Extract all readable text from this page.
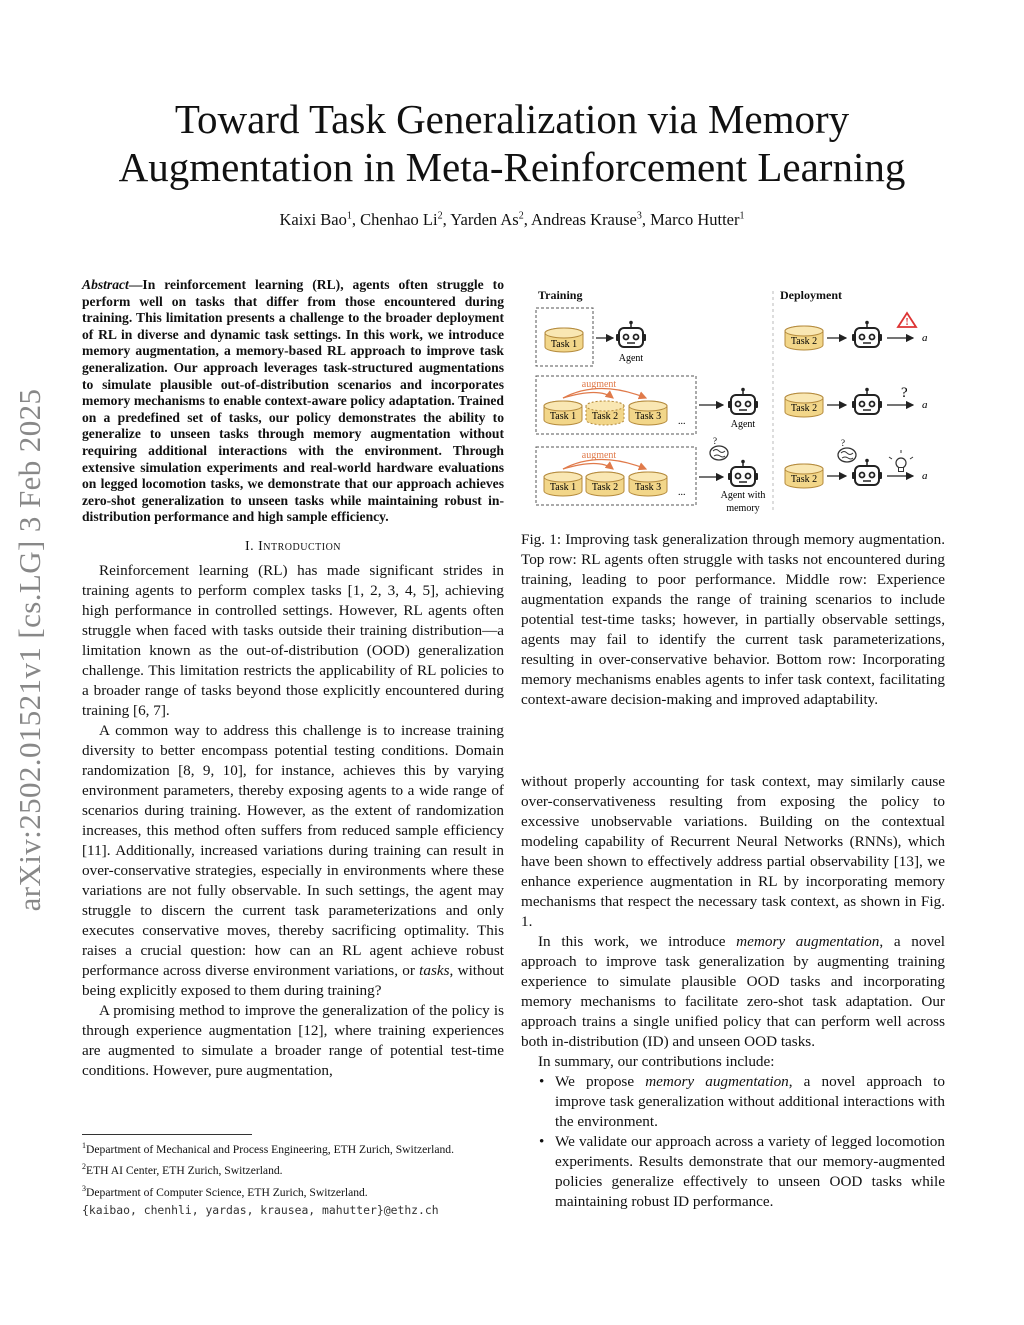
arXiv:2502.01521v1 [cs.LG] 3 Feb 2025
Toward Task Generalization via Memory
Augmentation in Meta-Reinforcement Learning
Kaixi Bao$^1$, Chenhao Li$^2$, Yarden As$^2$, Andreas Krause$^3$, Marco Hutter$^1$

Abstract—In reinforcement learning (RL), agents often struggle to perform well on tasks that differ from those encountered during training. This limitation presents a challenge to the broader deployment of RL in diverse and dynamic task settings. In this work, we introduce memory augmentation, a memory-based RL approach to improve task generalization. Our approach leverages task-structured augmentations to simulate plausible out-of-distribution scenarios and incorporates memory mechanisms to enable context-aware policy adaptation. Trained on a predefined set of tasks, our policy demonstrates the ability to generalize to unseen tasks through memory augmentation without requiring additional interactions with the environment. Through extensive simulation experiments and real-world hardware evaluations on legged locomotion tasks, we demonstrate that our approach achieves zero-shot generalization to unseen tasks while maintaining robust in-distribution performance and high sample efficiency.

I. Introduction

Reinforcement learning (RL) has made significant strides in training agents to perform complex tasks [1, 2, 3, 4, 5], achieving high performance in controlled settings. However, RL agents often struggle when faced with tasks outside their training distribution—a limitation known as the out-of-distribution (OOD) generalization challenge. This limitation restricts the applicability of RL policies to a broader range of tasks beyond those explicitly encountered during training [6, 7].

A common way to address this challenge is to increase training diversity to better encompass potential testing conditions. Domain randomization [8, 9, 10], for instance, achieves this by varying environment parameters, thereby exposing agents to a wide range of scenarios during training. However, as the extent of randomization increases, this method often suffers from reduced sample efficiency [11]. Additionally, increased variations during training can result in over-conservative strategies, especially in environments where these variations are not fully observable. In such settings, the agent may struggle to discern the current task parameterizations and only executes conservative moves, thereby sacrificing optimality. This raises a crucial question: how can an RL agent achieve robust performance across diverse environment variations, or tasks, without being explicitly exposed to them during training?

A promising method to improve the generalization of the policy is through experience augmentation [12], where training experiences are augmented to simulate a broader range of potential test-time conditions. However, pure augmentation,

$^1$Department of Mechanical and Process Engineering, ETH Zurich, Switzerland.

$^2$ETH AI Center, ETH Zurich, Switzerland.

$^3$Department of Computer Science, ETH Zurich, Switzerland.

{kaibao, chenhli, yardas, krausea, mahutter}@ethz.ch

Training	Deployment
Task 1
Agent
Task 2
!
a
augment
Task 1 Task 2 Task 3 ...	Agent
Task 2
?
a
augment
Task 1 Task 2 Task 3 ...
?
Agent with
memory
Task 2
?
a

Fig. 1: Improving task generalization through memory augmentation. Top row: RL agents often struggle with tasks not encountered during training, leading to poor performance. Middle row: Experience augmentation expands the range of training scenarios to include potential test-time tasks; however, in partially observable settings, agents may fail to identify the current task parameterizations, resulting in over-conservative behavior. Bottom row: Incorporating memory mechanisms enables agents to infer task context, facilitating context-aware decision-making and improved adaptability.

without properly accounting for task context, may similarly cause over-conservativeness resulting from exposing the policy to excessive unobservable variations. Building on the contextual modeling capability of Recurrent Neural Networks (RNNs), which have been shown to effectively address partial observability [13], we enhance experience augmentation in RL by incorporating memory mechanisms that respect the necessary task context, as shown in Fig. 1.

In this work, we introduce memory augmentation, a novel approach to improve task generalization by augmenting training experience to simulate plausible OOD tasks and incorporating memory mechanisms to facilitate zero-shot task adaptation. Our approach trains a single unified policy that can perform well across both in-distribution (ID) and unseen OOD tasks.

In summary, our contributions include:

• We propose memory augmentation, a novel approach to improve task generalization without additional interactions with the environment.
• We validate our approach across a variety of legged locomotion experiments. Results demonstrate that our memory-augmented policies generalize effectively to unseen OOD tasks while maintaining robust ID performance.
